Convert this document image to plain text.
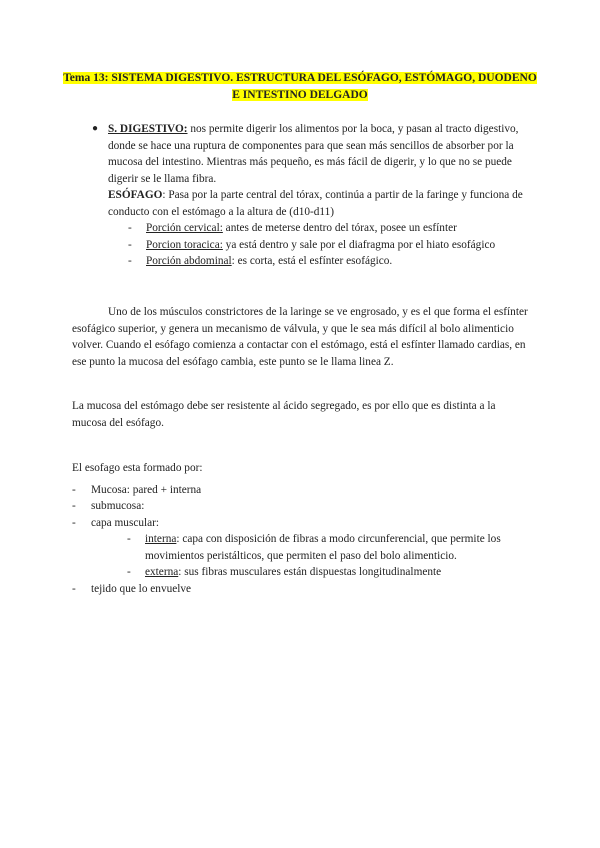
Tema 13: SISTEMA DIGESTIVO. ESTRUCTURA DEL ESÓFAGO, ESTÓMAGO, DUODENO
E INTESTINO DELGADO
● S. DIGESTIVO: nos permite digerir los alimentos por la boca, y pasan al tracto digestivo, donde se hace una ruptura de componentes para que sean más sencillos de absorber por la mucosa del intestino. Mientras más pequeño, es más fácil de digerir, y lo que no se puede digerir se le llama fibra.
ESÓFAGO: Pasa por la parte central del tórax, continúa a partir de la faringe y funciona de conducto con el estómago a la altura de (d10-d11)
- Porción cervical: antes de meterse dentro del tórax, posee un esfínter
- Porcion toracica: ya está dentro y sale por el diafragma por el hiato esofágico
- Porción abdominal: es corta, está el esfínter esofágico.
Uno de los músculos constrictores de la laringe se ve engrosado, y es el que forma el esfínter esofágico superior, y genera un mecanismo de válvula, y que le sea más difícil al bolo alimenticio volver. Cuando el esófago comienza a contactar con el estómago, está el esfínter llamado cardias, en ese punto la mucosa del esófago cambia, este punto se le llama linea Z.
La mucosa del estómago debe ser resistente al ácido segregado, es por ello que es distinta a la mucosa del esófago.
El esofago esta formado por:
- Mucosa: pared + interna
- submucosa:
- capa muscular:
- interna: capa con disposición de fibras a modo circunferencial, que permite los movimientos peristálticos, que permiten el paso del bolo alimenticio.
- externa: sus fibras musculares están dispuestas longitudinalmente
- tejido que lo envuelve
